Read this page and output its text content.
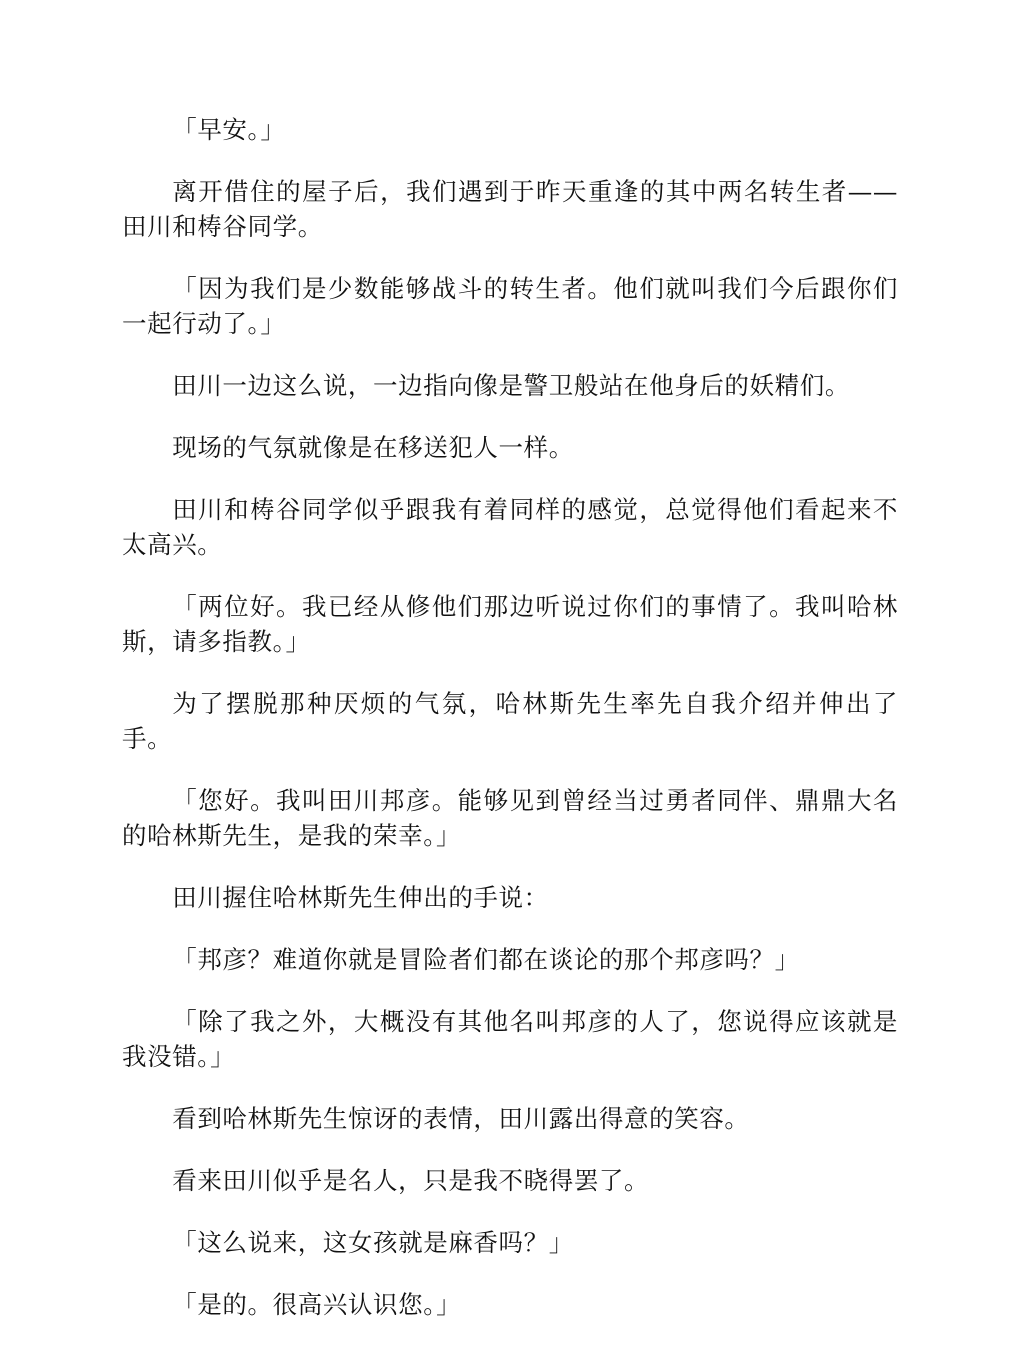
「早安。」

离开借住的屋子后，我们遇到于昨天重逢的其中两名转生者——田川和梼谷同学。

「因为我们是少数能够战斗的转生者。他们就叫我们今后跟你们一起行动了。」

田川一边这么说，一边指向像是警卫般站在他身后的妖精们。

现场的气氛就像是在移送犯人一样。

田川和梼谷同学似乎跟我有着同样的感觉，总觉得他们看起来不太高兴。

「两位好。我已经从修他们那边听说过你们的事情了。我叫哈林斯，请多指教。」

为了摆脱那种厌烦的气氛，哈林斯先生率先自我介绍并伸出了手。

「您好。我叫田川邦彦。能够见到曾经当过勇者同伴、鼎鼎大名的哈林斯先生，是我的荣幸。」

田川握住哈林斯先生伸出的手说：

「邦彦？难道你就是冒险者们都在谈论的那个邦彦吗？」

「除了我之外，大概没有其他名叫邦彦的人了，您说得应该就是我没错。」

看到哈林斯先生惊讶的表情，田川露出得意的笑容。

看来田川似乎是名人，只是我不晓得罢了。

「这么说来，这女孩就是麻香吗？」

「是的。很高兴认识您。」
